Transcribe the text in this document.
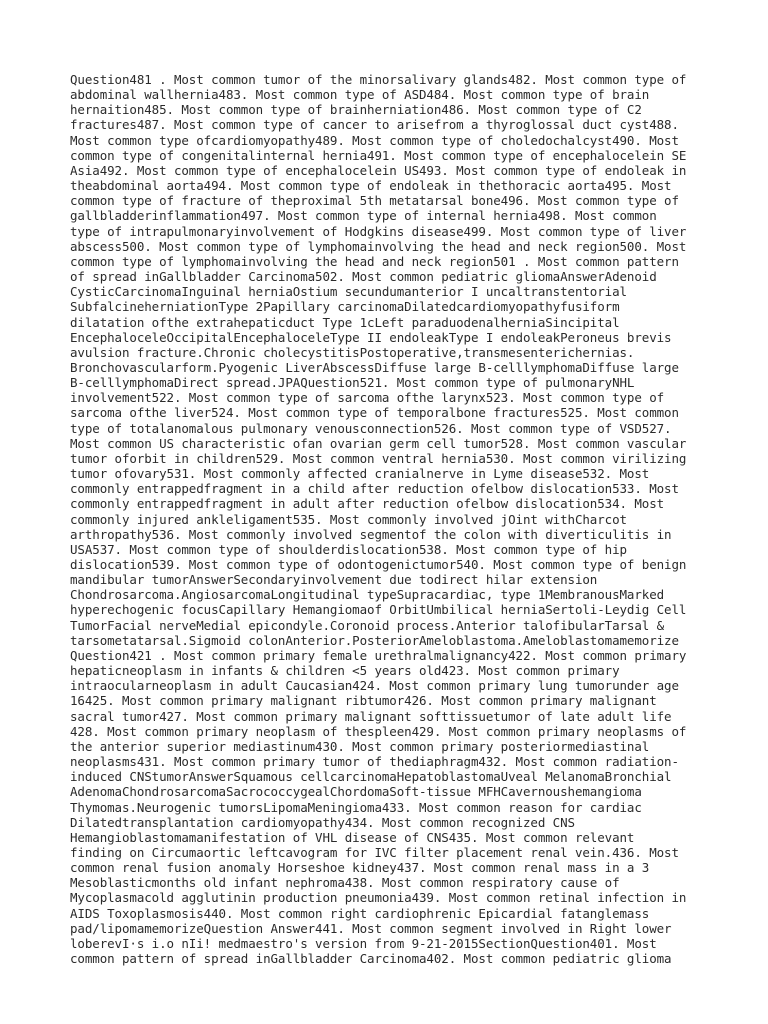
Question481 . Most common tumor of the minorsalivary glands482. Most common type of
abdominal wallhernia483. Most common type of ASD484. Most common type of brain
hernaition485. Most common type of brainherniation486. Most common type of C2
fractures487. Most common type of cancer to arisefrom a thyroglossal duct cyst488.
Most common type ofcardiomyopathy489. Most common type of choledochalcyst490. Most
common type of congenitalinternal hernia491. Most common type of encephalocelein SE
Asia492. Most common type of encephalocelein US493. Most common type of endoleak in
theabdominal aorta494. Most common type of endoleak in thethoracic aorta495. Most
common type of fracture of theproximal 5th metatarsal bone496. Most common type of
gallbladderinflammation497. Most common type of internal hernia498. Most common
type of intrapulmonaryinvolvement of Hodgkins disease499. Most common type of liver
abscess500. Most common type of lymphomainvolving the head and neck region500. Most
common type of lymphomainvolving the head and neck region501 . Most common pattern
of spread inGallbladder Carcinoma502. Most common pediatric gliomaAnswerAdenoid
CysticCarcinomaInguinal herniaOstium secundumanterior I uncaltranstentorial
SubfalcineherniationType 2Papillary carcinomaDilatedcardiomyopathyfusiform
dilatation ofthe extrahepaticduct Type 1cLeft paraduodenalherniaSincipital
EncephaloceleOccipitalEncephaloceleType II endoleakType I endoleakPeroneus brevis
avulsion fracture.Chronic cholecystitisPostoperative,transmesenterichernias.
Bronchovascularform.Pyogenic LiverAbscessDiffuse large B-celllymphomaDiffuse large
B-celllymphomaDirect spread.JPAQuestion521. Most common type of pulmonaryNHL
involvement522. Most common type of sarcoma ofthe larynx523. Most common type of
sarcoma ofthe liver524. Most common type of temporalbone fractures525. Most common
type of totalanomalous pulmonary venousconnection526. Most common type of VSD527.
Most common US characteristic ofan ovarian germ cell tumor528. Most common vascular
tumor oforbit in children529. Most common ventral hernia530. Most common virilizing
tumor ofovary531. Most commonly affected cranialnerve in Lyme disease532. Most
commonly entrappedfragment in a child after reduction ofelbow dislocation533. Most
commonly entrappedfragment in adult after reduction ofelbow dislocation534. Most
commonly injured ankleligament535. Most commonly involved jOint withCharcot
arthropathy536. Most commonly involved segmentof the colon with diverticulitis in
USA537. Most common type of shoulderdislocation538. Most common type of hip
dislocation539. Most common type of odontogenictumor540. Most common type of benign
mandibular tumorAnswerSecondaryinvolvement due todirect hilar extension
Chondrosarcoma.AngiosarcomaLongitudinal typeSupracardiac, type 1MembranousMarked
hyperechogenic focusCapillary Hemangiomaof OrbitUmbilical herniaSertoli-Leydig Cell
TumorFacial nerveMedial epicondyle.Coronoid process.Anterior talofibularTarsal &
tarsometatarsal.Sigmoid colonAnterior.PosteriorAmeloblastoma.Ameloblastomamemorize
Question421 . Most common primary female urethralmalignancy422. Most common primary
hepaticneoplasm in infants & children <5 years old423. Most common primary
intraocularneoplasm in adult Caucasian424. Most common primary lung tumorunder age
16425. Most common primary malignant ribtumor426. Most common primary malignant
sacral tumor427. Most common primary malignant softtissuetumor of late adult life
428. Most common primary neoplasm of thespleen429. Most common primary neoplasms of
the anterior superior mediastinum430. Most common primary posteriormediastinal
neoplasms431. Most common primary tumor of thediaphragm432. Most common radiation-
induced CNStumorAnswerSquamous cellcarcinomaHepatoblastomaUveal MelanomaBronchial
AdenomaChondrosarcomaSacrococcygealChordomaSoft-tissue MFHCavernoushemangioma
Thymomas.Neurogenic tumorsLipomaMeningioma433. Most common reason for cardiac
Dilatedtransplantation cardiomyopathy434. Most common recognized CNS
Hemangioblastomamanifestation of VHL disease of CNS435. Most common relevant
finding on Circumaortic leftcavogram for IVC filter placement renal vein.436. Most
common renal fusion anomaly Horseshoe kidney437. Most common renal mass in a 3
Mesoblasticmonths old infant nephroma438. Most common respiratory cause of
Mycoplasmacold agglutinin production pneumonia439. Most common retinal infection in
AIDS Toxoplasmosis440. Most common right cardiophrenic Epicardial fatanglemass
pad/lipomamemorizeQuestion Answer441. Most common segment involved in Right lower
loberevI·s i.o nIi! medmaestro's version from 9-21-2015SectionQuestion401. Most
common pattern of spread inGallbladder Carcinoma402. Most common pediatric glioma
